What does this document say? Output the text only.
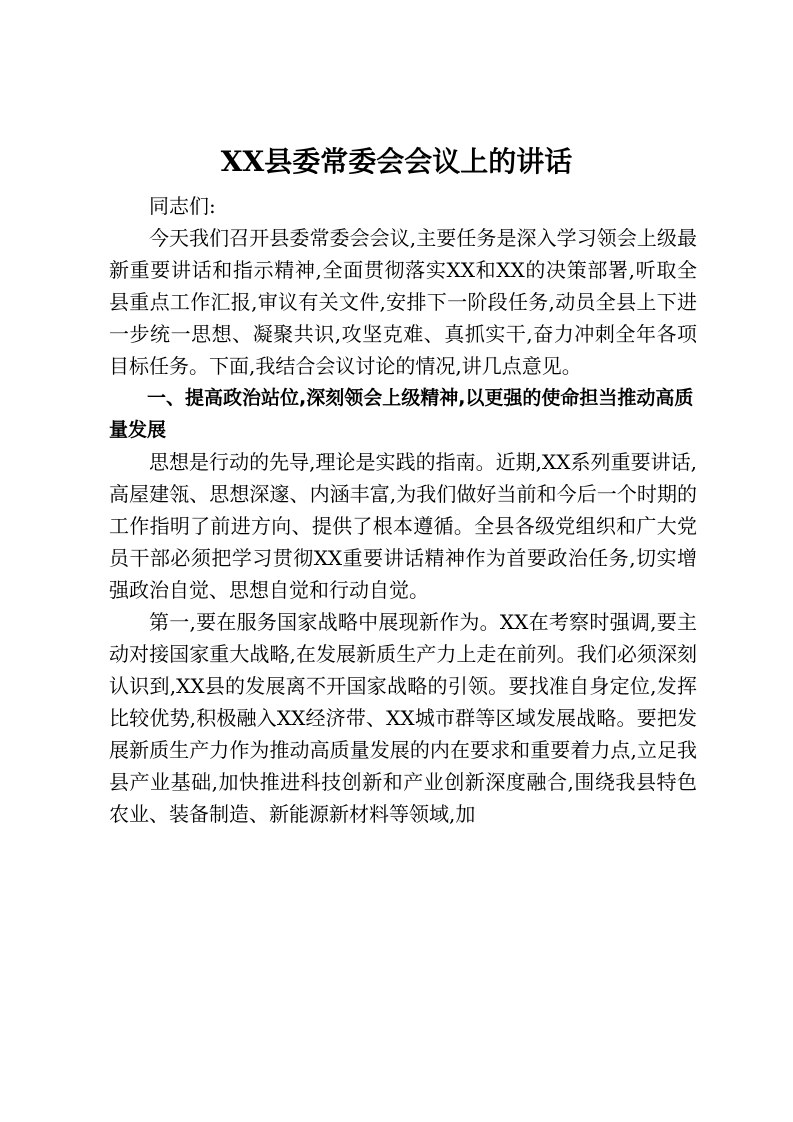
XX县委常委会会议上的讲话

同志们:

今天我们召开县委常委会会议,主要任务是深入学习领会上级最新重要讲话和指示精神,全面贯彻落实XX和XX的决策部署,听取全县重点工作汇报,审议有关文件,安排下一阶段任务,动员全县上下进一步统一思想、凝聚共识,攻坚克难、真抓实干,奋力冲刺全年各项目标任务。下面,我结合会议讨论的情况,讲几点意见。

一、提高政治站位,深刻领会上级精神,以更强的使命担当推动高质量发展

思想是行动的先导,理论是实践的指南。近期,XX系列重要讲话,高屋建瓴、思想深邃、内涵丰富,为我们做好当前和今后一个时期的工作指明了前进方向、提供了根本遵循。全县各级党组织和广大党员干部必须把学习贯彻XX重要讲话精神作为首要政治任务,切实增强政治自觉、思想自觉和行动自觉。

第一,要在服务国家战略中展现新作为。XX在考察时强调,要主动对接国家重大战略,在发展新质生产力上走在前列。我们必须深刻认识到,XX县的发展离不开国家战略的引领。要找准自身定位,发挥比较优势,积极融入XX经济带、XX城市群等区域发展战略。要把发展新质生产力作为推动高质量发展的内在要求和重要着力点,立足我县产业基础,加快推进科技创新和产业创新深度融合,围绕我县特色农业、装备制造、新能源新材料等领域,加
